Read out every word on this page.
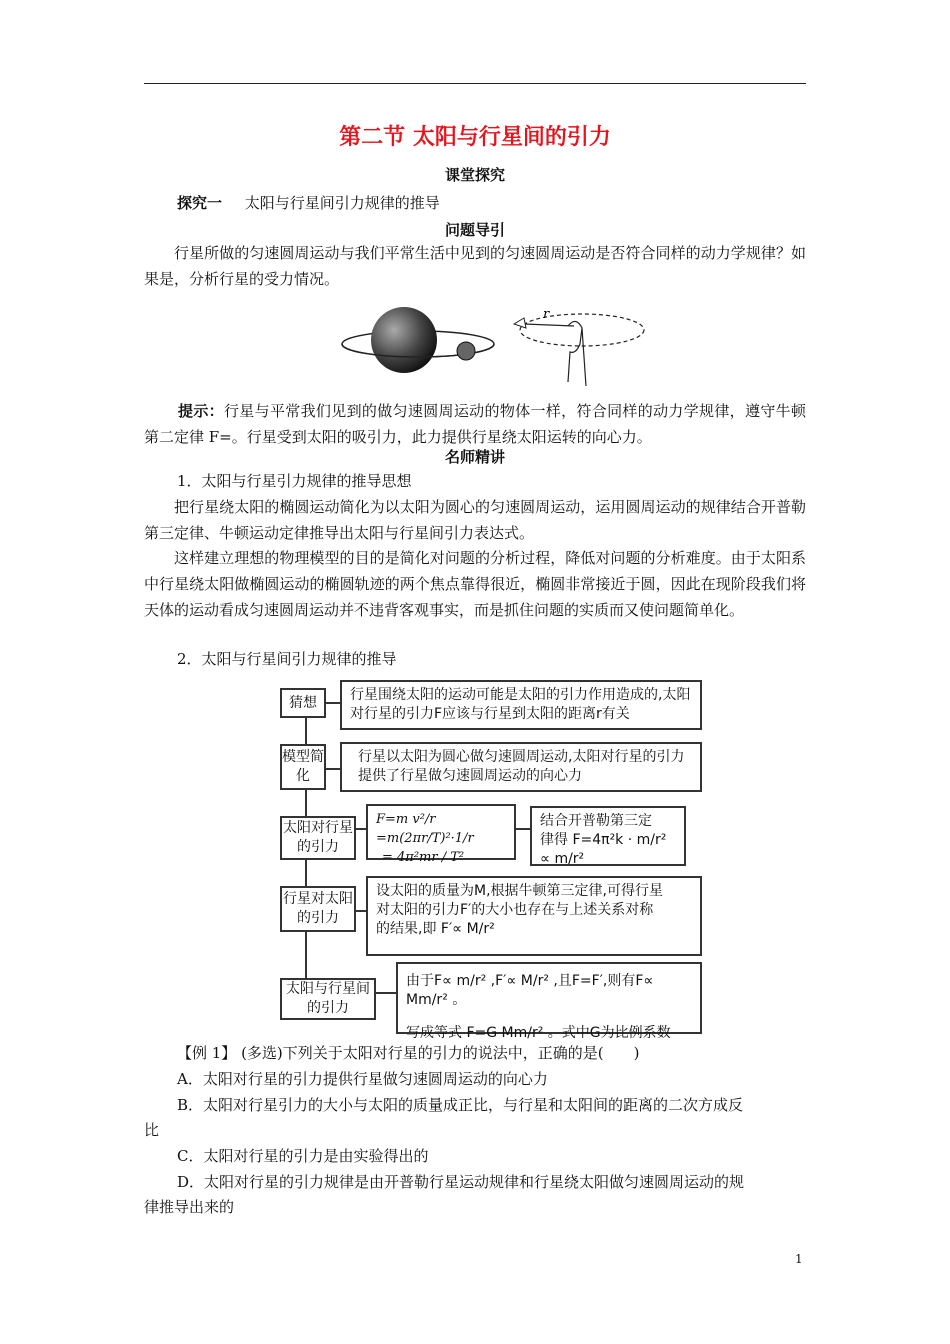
第二节 太阳与行星间的引力
课堂探究
探究一 太阳与行星间引力规律的推导
问题导引
行星所做的匀速圆周运动与我们平常生活中见到的匀速圆周运动是否符合同样的动力学规律？如果是，分析行星的受力情况。
r
提示：行星与平常我们见到的做匀速圆周运动的物体一样，符合同样的动力学规律，遵守牛顿第二定律 F=。行星受到太阳的吸引力，此力提供行星绕太阳运转的向心力。
名师精讲
1．太阳与行星引力规律的推导思想
把行星绕太阳的椭圆运动简化为以太阳为圆心的匀速圆周运动，运用圆周运动的规律结合开普勒第三定律、牛顿运动定律推导出太阳与行星间引力表达式。
这样建立理想的物理模型的目的是简化对问题的分析过程，降低对问题的分析难度。由于太阳系中行星绕太阳做椭圆运动的椭圆轨迹的两个焦点靠得很近，椭圆非常接近于圆，因此在现阶段我们将天体的运动看成匀速圆周运动并不违背客观事实，而是抓住问题的实质而又使问题简单化。
2．太阳与行星间引力规律的推导
猜想	行星围绕太阳的运动可能是太阳的引力作用造成的,太阳对行星的引力F应该与行星到太阳的距离r有关
模型简化
行星以太阳为圆心做匀速圆周运动,太阳对行星的引力提供了行星做匀速圆周运动的向心力
太阳对行星的引力
F=m v²/r =m(2πr/T)²·1/r
= 4π²mr / T²
结合开普勒第三定
律得 F=4π²k · m/r² ∝ m/r²
行星对太阳的引力
设太阳的质量为M,根据牛顿第三定律,可得行星
对太阳的引力F′的大小也存在与上述关系对称
的结果,即 F′∝ M/r²
太阳与行星间的引力
由于F∝ m/r² ,F′∝ M/r² ,且F=F′,则有F∝ Mm/r² 。
写成等式 F=G Mm/r² 。式中G为比例系数
【例 1】 (多选)下列关于太阳对行星的引力的说法中，正确的是(　　)
A．太阳对行星的引力提供行星做匀速圆周运动的向心力
B．太阳对行星引力的大小与太阳的质量成正比，与行星和太阳间的距离的二次方成反
比
C．太阳对行星的引力是由实验得出的
D．太阳对行星的引力规律是由开普勒行星运动规律和行星绕太阳做匀速圆周运动的规
律推导出来的
1
